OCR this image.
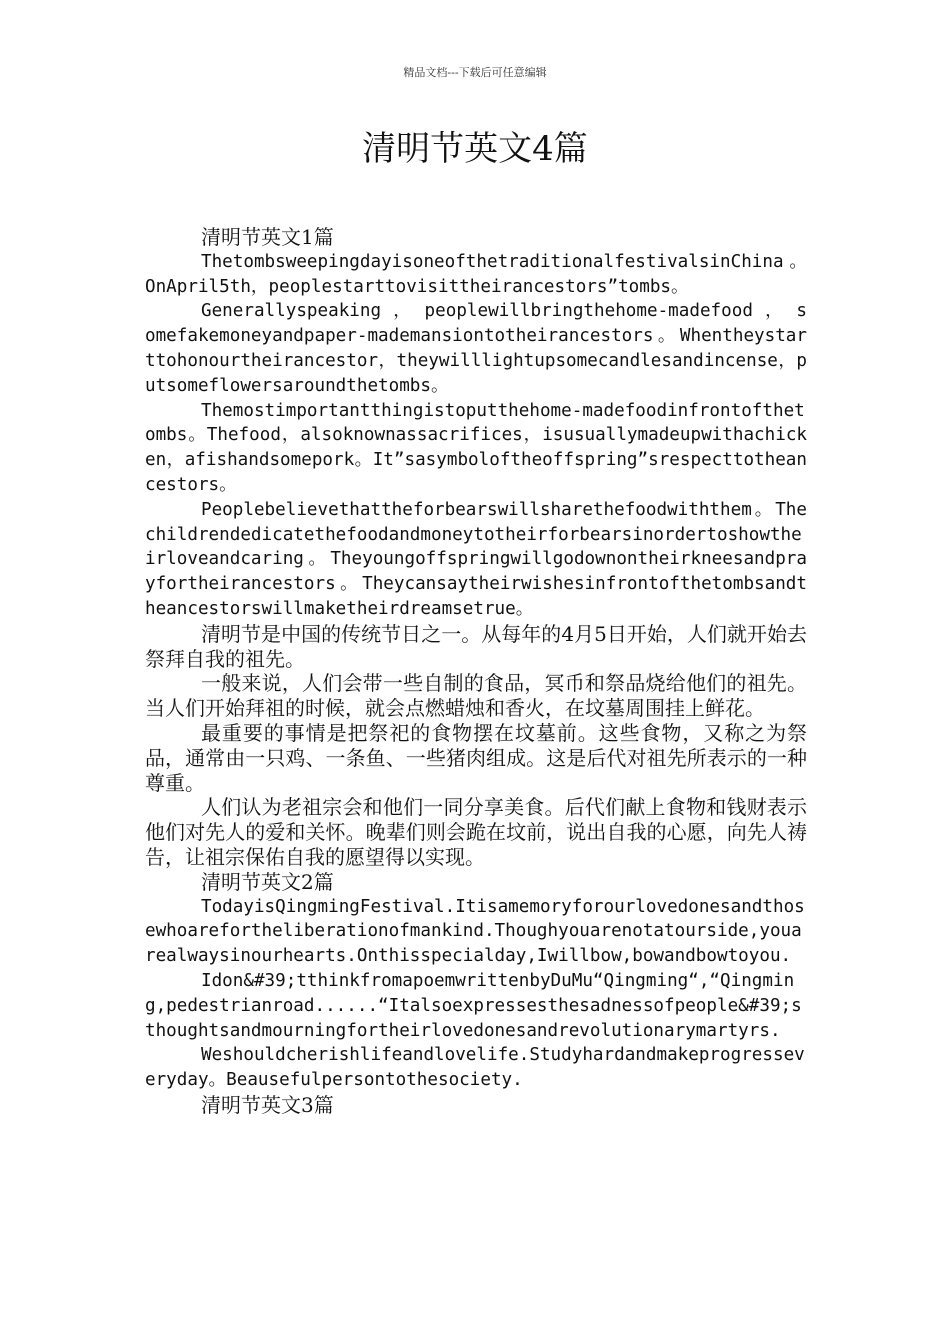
精品文档---下载后可任意编辑
清明节英文4篇

清明节英文1篇

ThetombsweepingdayisoneofthetraditionalfestivalsinChina。OnApril5th，peoplestarttovisittheirancestors”tombs。

Generallyspeaking ， peoplewillbringthehome-madefood ， somefakemoneyandpaper-mademansiontotheirancestors。Whentheystarttohonourtheirancestor，theywilllightupsomecandlesandincense，putsomeflowersaroundthetombs。

Themostimportantthingistoputthehome-madefoodinfrontofthetombs。Thefood，alsoknownassacrifices，isusuallymadeupwithachicken，afishandsomepork。It”sasymboloftheoffspring”srespecttotheancestors。

Peoplebelievethattheforbearswillsharethefoodwiththem。Thechildrendedicatethefoodandmoneytotheirforbearsinordertoshowtheirloveandcaring。Theyoungoffspringwillgodownontheirkneesandprayfortheirancestors。Theycansaytheirwishesinfrontofthetombsandtheancestorswillmaketheirdreamsetrue。

清明节是中国的传统节日之一。从每年的4月5日开始，人们就开始去祭拜自我的祖先。

一般来说，人们会带一些自制的食品，冥币和祭品烧给他们的祖先。当人们开始拜祖的时候，就会点燃蜡烛和香火，在坟墓周围挂上鲜花。

最重要的事情是把祭祀的食物摆在坟墓前。这些食物，又称之为祭品，通常由一只鸡、一条鱼、一些猪肉组成。这是后代对祖先所表示的一种尊重。

人们认为老祖宗会和他们一同分享美食。后代们献上食物和钱财表示他们对先人的爱和关怀。晚辈们则会跪在坟前，说出自我的心愿，向先人祷告，让祖宗保佑自我的愿望得以实现。

清明节英文2篇

TodayisQingmingFestival.Itisamemoryforourlovedonesandthosewhoarefortheliberationofmankind.Thoughyouarenotatoursidе,youarealwaysinourhearts.Onthisspecialday,Iwillbow,bowandbowtoyou.

Idon&#39;tthinkfromapoemwrittenbyDuMu“Qingming“,“Qingming,pedestrianroad......“Italsoexpressesthesadnessofpeople&#39;sthoughtsandmourningfortheirlovedonesandrevolutionarymartyrs.

Weshouldcherishlifeandlovelife.Studyhardandmakeprogresseveryday。Beausefulpersontothesociety.

清明节英文3篇
